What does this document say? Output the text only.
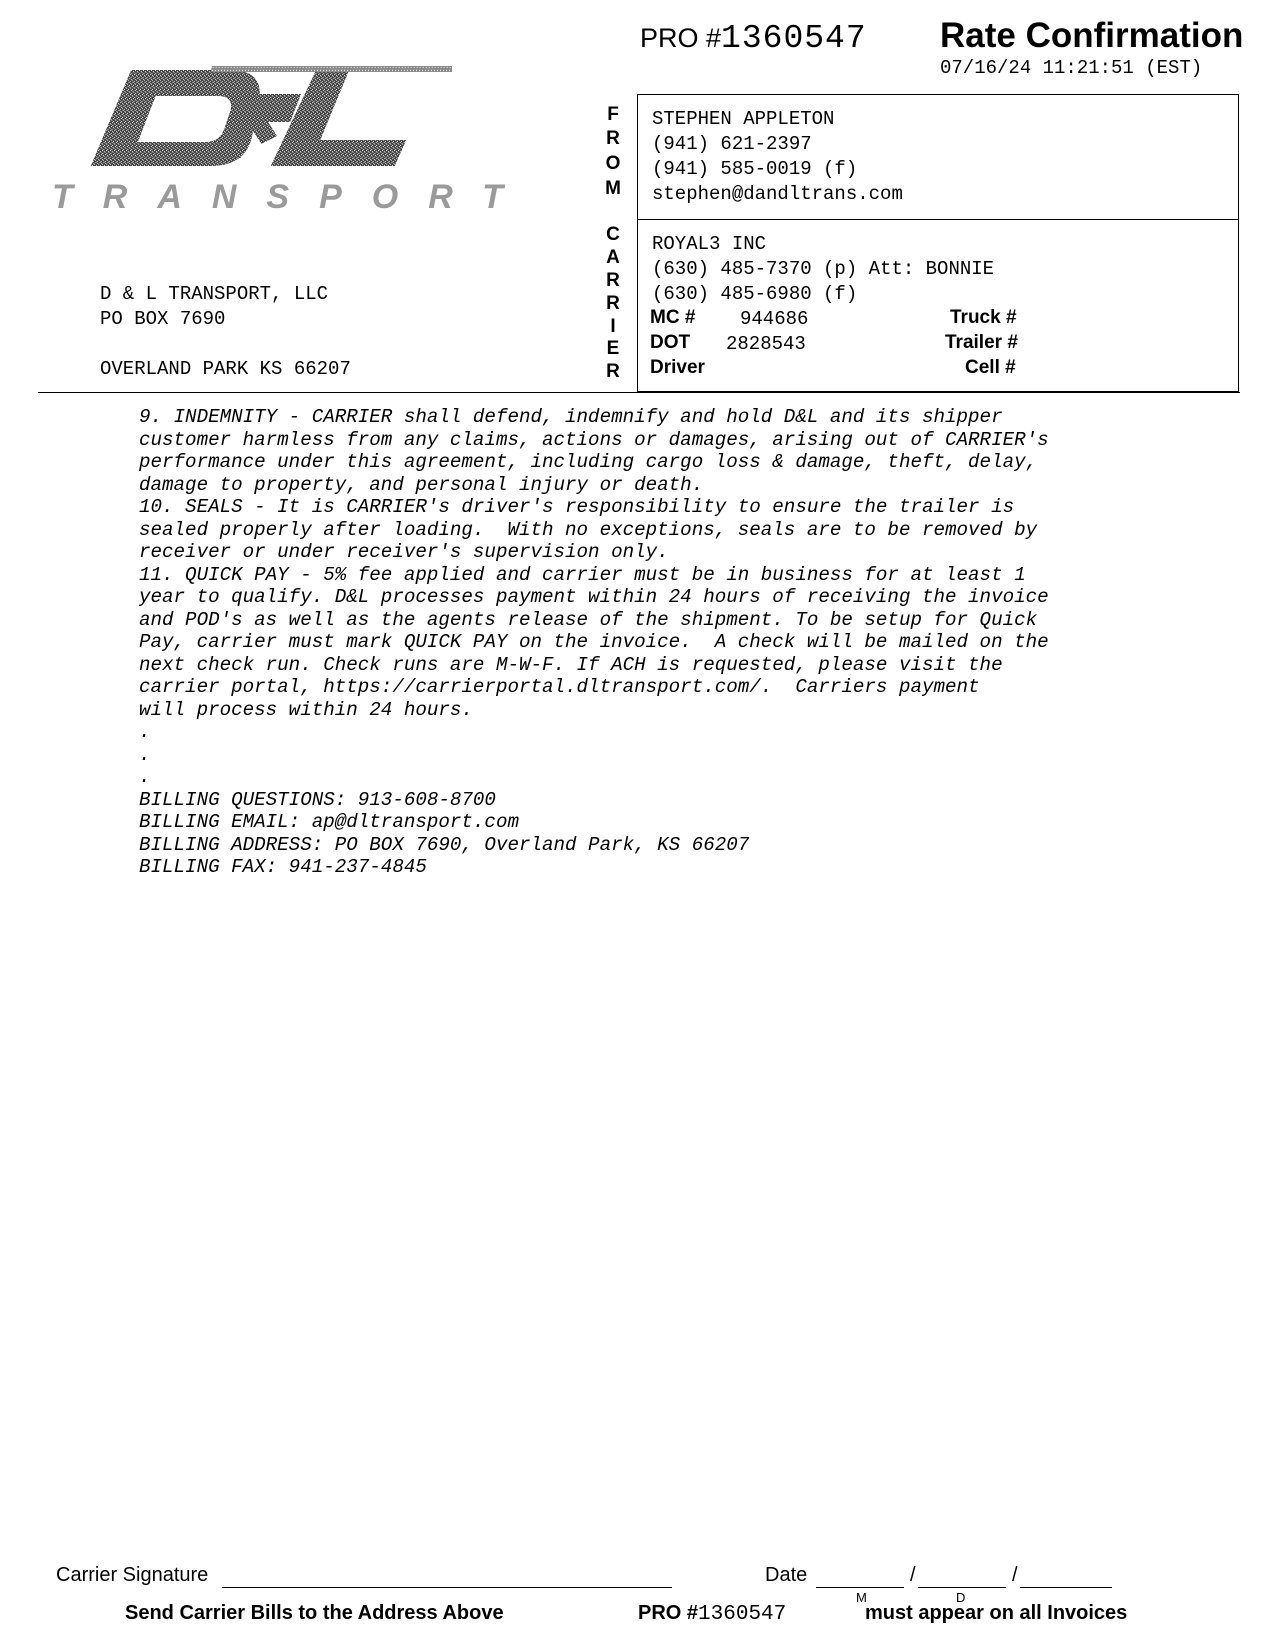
TRANSPORT
PRO #1360547 Rate Confirmation
07/16/24 11:21:51 (EST)
D & L TRANSPORT, LLC
PO BOX 7690
OVERLAND PARK KS 66207
F
R
O
M
C
A
R
R
I
E
R
STEPHEN APPLETON
(941) 621-2397
(941) 585-0019 (f)
stephen@dandltrans.com
ROYAL3 INC
(630) 485-7370 (p) Att: BONNIE
(630) 485-6980 (f)
MC # 944686	Truck #
DOT 2828543	Trailer #
Driver	Cell #
9. INDEMNITY - CARRIER shall defend, indemnify and hold D&L and its shipper
customer harmless from any claims, actions or damages, arising out of CARRIER's
performance under this agreement, including cargo loss & damage, theft, delay,
damage to property, and personal injury or death.
10. SEALS - It is CARRIER's driver's responsibility to ensure the trailer is
sealed properly after loading.  With no exceptions, seals are to be removed by
receiver or under receiver's supervision only.
11. QUICK PAY - 5% fee applied and carrier must be in business for at least 1
year to qualify. D&L processes payment within 24 hours of receiving the invoice
and POD's as well as the agents release of the shipment. To be setup for Quick
Pay, carrier must mark QUICK PAY on the invoice.  A check will be mailed on the
next check run. Check runs are M-W-F. If ACH is requested, please visit the
carrier portal, https://carrierportal.dltransport.com/.  Carriers payment
will process within 24 hours.
.
.
.
BILLING QUESTIONS: 913-608-8700
BILLING EMAIL: ap@dltransport.com
BILLING ADDRESS: PO BOX 7690, Overland Park, KS 66207
BILLING FAX: 941-237-4845
Carrier Signature	Date	/	/
M	D
Send Carrier Bills to the Address Above	PRO #1360547	must appear on all Invoices
